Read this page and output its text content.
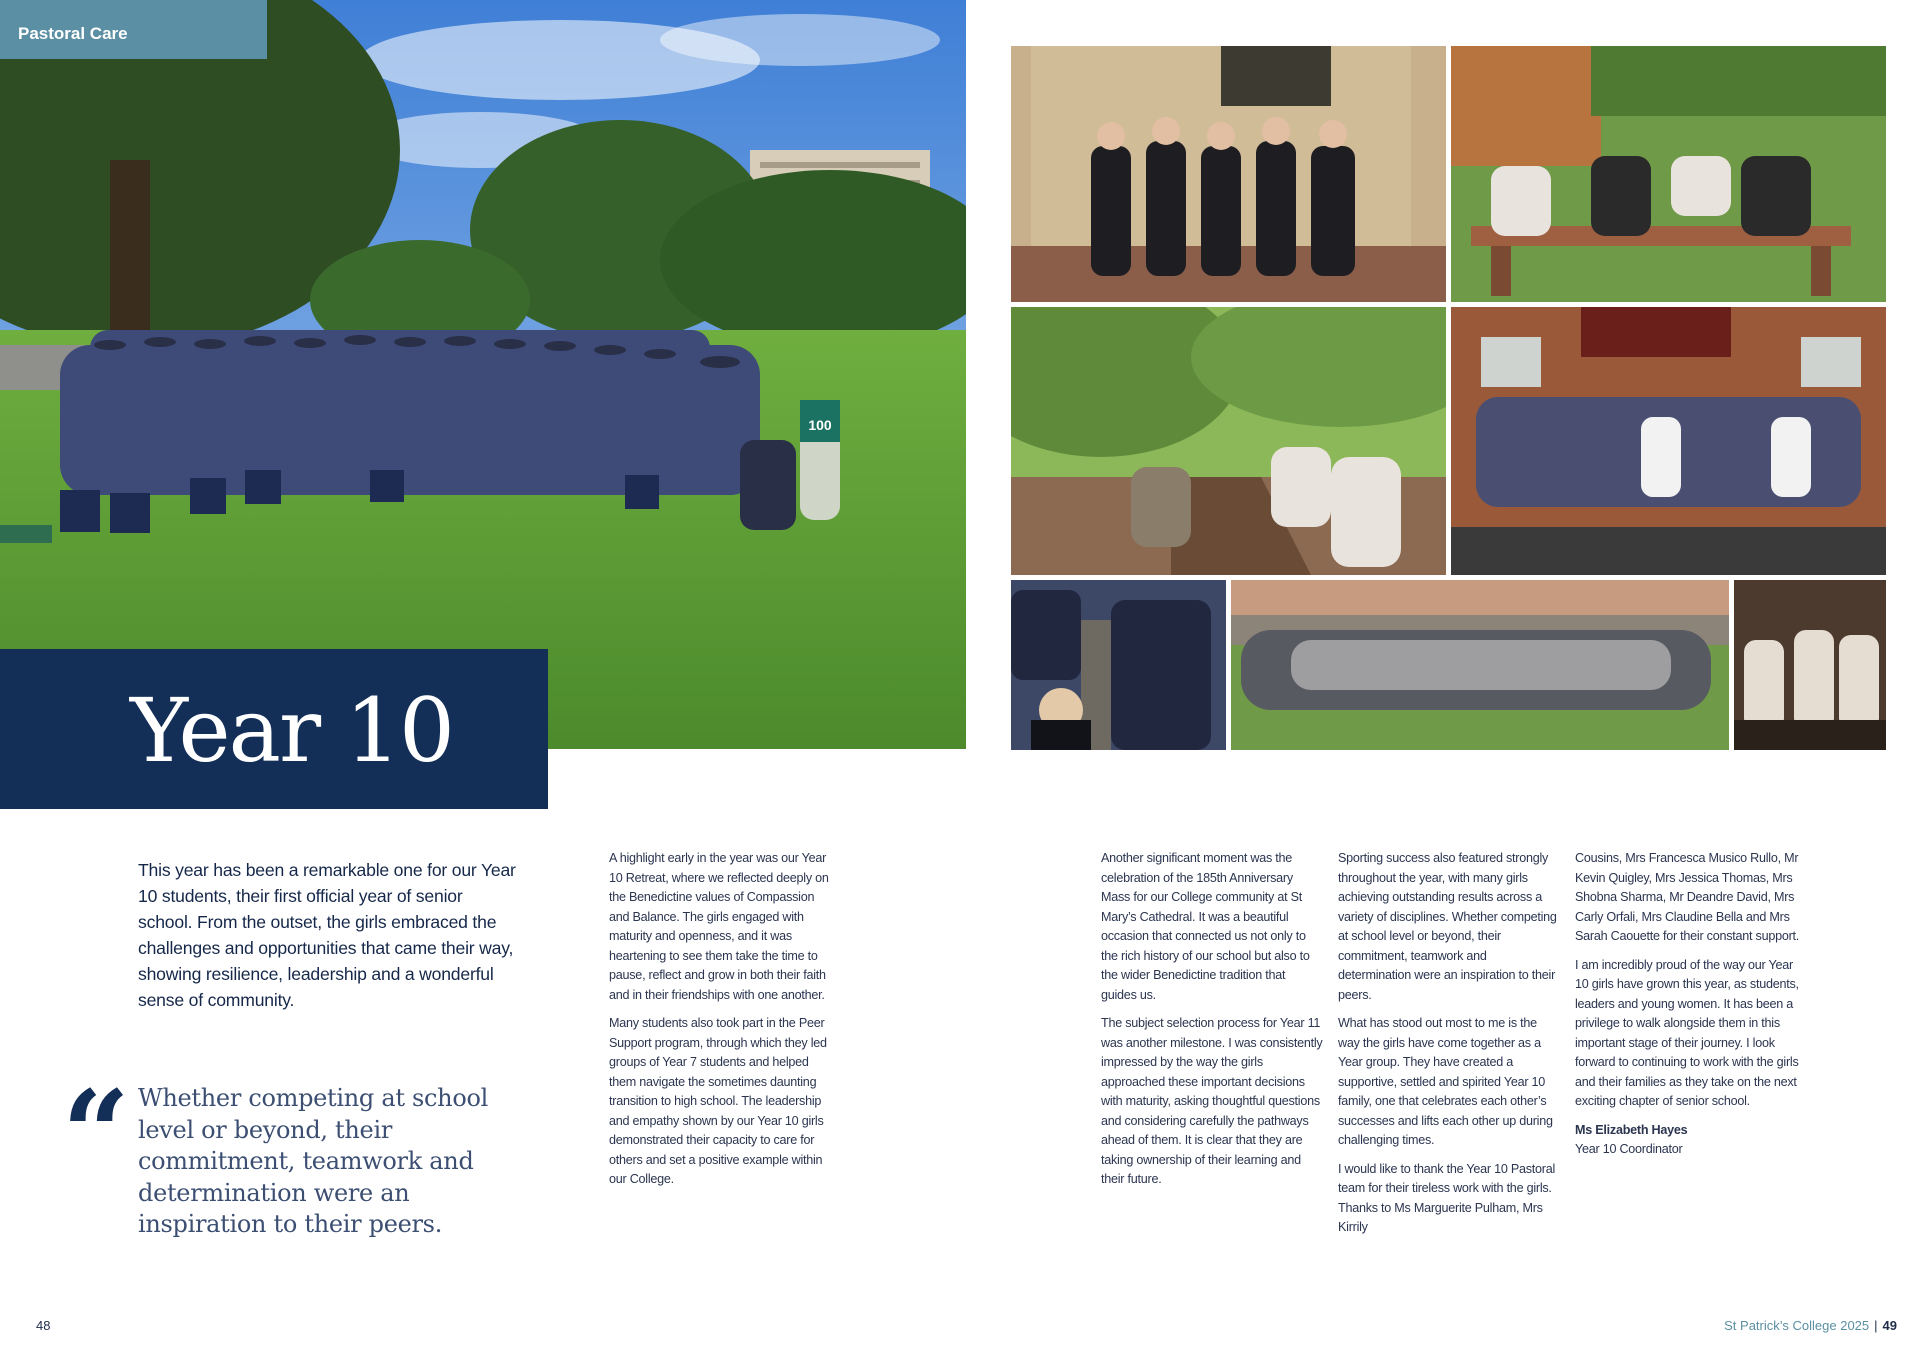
100
Pastoral Care
Year 10
This year has been a remarkable one for our Year 10 students, their first official year of senior school. From the outset, the girls embraced the challenges and opportunities that came their way, showing resilience, leadership and a wonderful sense of community.
“ Whether competing at school level or beyond, their commitment, teamwork and determination were an inspiration to their peers.

A highlight early in the year was our Year 10 Retreat, where we reflected deeply on the Benedictine values of Compassion and Balance. The girls engaged with maturity and openness, and it was heartening to see them take the time to pause, reflect and grow in both their faith and in their friendships with one another.

Many students also took part in the Peer Support program, through which they led groups of Year 7 students and helped them navigate the sometimes daunting transition to high school. The leadership and empathy shown by our Year 10 girls demonstrated their capacity to care for others and set a positive example within our College.

Another significant moment was the celebration of the 185th Anniversary Mass for our College community at St Mary’s Cathedral. It was a beautiful occasion that connected us not only to the rich history of our school but also to the wider Benedictine tradition that guides us.

The subject selection process for Year 11 was another milestone. I was consistently impressed by the way the girls approached these important decisions with maturity, asking thoughtful questions and considering carefully the pathways ahead of them. It is clear that they are taking ownership of their learning and their future.

Sporting success also featured strongly throughout the year, with many girls achieving outstanding results across a variety of disciplines. Whether competing at school level or beyond, their commitment, teamwork and determination were an inspiration to their peers.

What has stood out most to me is the way the girls have come together as a Year group. They have created a supportive, settled and spirited Year 10 family, one that celebrates each other’s successes and lifts each other up during challenging times.

I would like to thank the Year 10 Pastoral team for their tireless work with the girls. Thanks to Ms Marguerite Pulham, Mrs Kirrily

Cousins, Mrs Francesca Musico Rullo, Mr Kevin Quigley, Mrs Jessica Thomas, Mrs Shobna Sharma, Mr Deandre David, Mrs Carly Orfali, Mrs Claudine Bella and Mrs Sarah Caouette for their constant support.

I am incredibly proud of the way our Year 10 girls have grown this year, as students, leaders and young women. It has been a privilege to walk alongside them in this important stage of their journey. I look forward to continuing to work with the girls and their families as they take on the next exciting chapter of senior school.

Ms Elizabeth Hayes
Year 10 Coordinator
48	St Patrick’s College 2025 | 49
